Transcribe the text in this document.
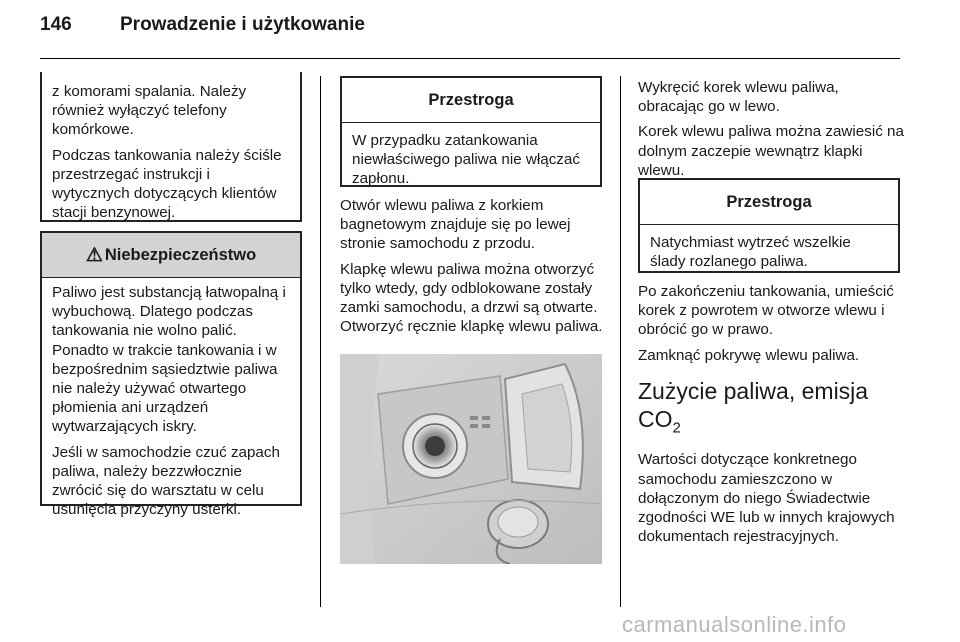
146	Prowadzenie i użytkowanie

z komorami spalania. Należy również wyłączyć telefony komórkowe.

Podczas tankowania należy ściśle przestrzegać instrukcji i wytycznych dotyczących klientów stacji benzynowej.

⚠ Niebezpieczeństwo

Paliwo jest substancją łatwopalną i wybuchową. Dlatego podczas tankowania nie wolno palić. Ponadto w trakcie tankowania i w bezpośrednim sąsiedztwie paliwa nie należy używać otwartego płomienia ani urządzeń wytwarzających iskry.

Jeśli w samochodzie czuć zapach paliwa, należy bezzwłocznie zwrócić się do warsztatu w celu usunięcia przyczyny usterki.

Przestroga
W przypadku zatankowania niewłaściwego paliwa nie włączać zapłonu.

Otwór wlewu paliwa z korkiem bagnetowym znajduje się po lewej stronie samochodu z przodu.

Klapkę wlewu paliwa można otworzyć tylko wtedy, gdy odblokowane zostały zamki samochodu, a drzwi są otwarte. Otworzyć ręcznie klapkę wlewu paliwa.

Wykręcić korek wlewu paliwa, obracając go w lewo.

Korek wlewu paliwa można zawiesić na dolnym zaczepie wewnątrz klapki wlewu.

Przestroga
Natychmiast wytrzeć wszelkie ślady rozlanego paliwa.

Po zakończeniu tankowania, umieścić korek z powrotem w otworze wlewu i obrócić go w prawo.

Zamknąć pokrywę wlewu paliwa.

Zużycie paliwa, emisja
$CO_2$

Wartości dotyczące konkretnego samochodu zamieszczono w dołączonym do niego Świadectwie zgodności WE lub w innych krajowych dokumentach rejestracyjnych.

carmanualsonline.info
